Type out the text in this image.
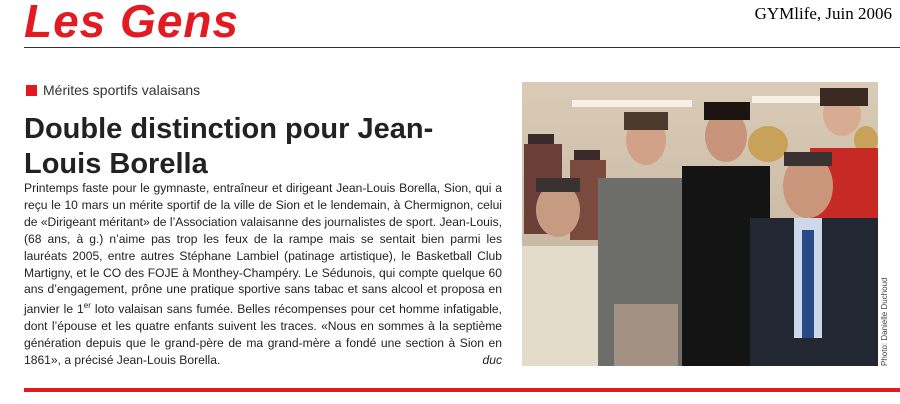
Les Gens	GYMlife, Juin 2006
Mérites sportifs valaisans
Double distinction pour Jean-Louis Borella

Printemps faste pour le gymnaste, entraîneur et dirigeant Jean-Louis Borella, Sion, qui a reçu le 10 mars un mérite sportif de la ville de Sion et le lendemain, à Chermignon, celui de «Dirigeant méritant» de l’Association valaisanne des journalistes de sport. Jean-Louis, (68 ans, à g.) n’aime pas trop les feux de la rampe mais se sentait bien parmi les lauréats 2005, entre autres Stéphane Lambiel (patinage artistique), le Basketball Club Martigny, et le CO des FOJE à Monthey-Champéry. Le Sédunois, qui compte quelque 60 ans d’engagement, prône une pratique sportive sans tabac et sans alcool et proposa en janvier le 1er loto valaisan sans fumée. Belles récompenses pour cet homme infatigable, dont l’épouse et les quatre enfants suivent les traces. «Nous en sommes à la septième génération depuis que le grand-père de ma grand-mère a fondé une section à Sion en 1861», a précisé Jean-Louis Borella.	duc	Photo: Danielle Duchoud
